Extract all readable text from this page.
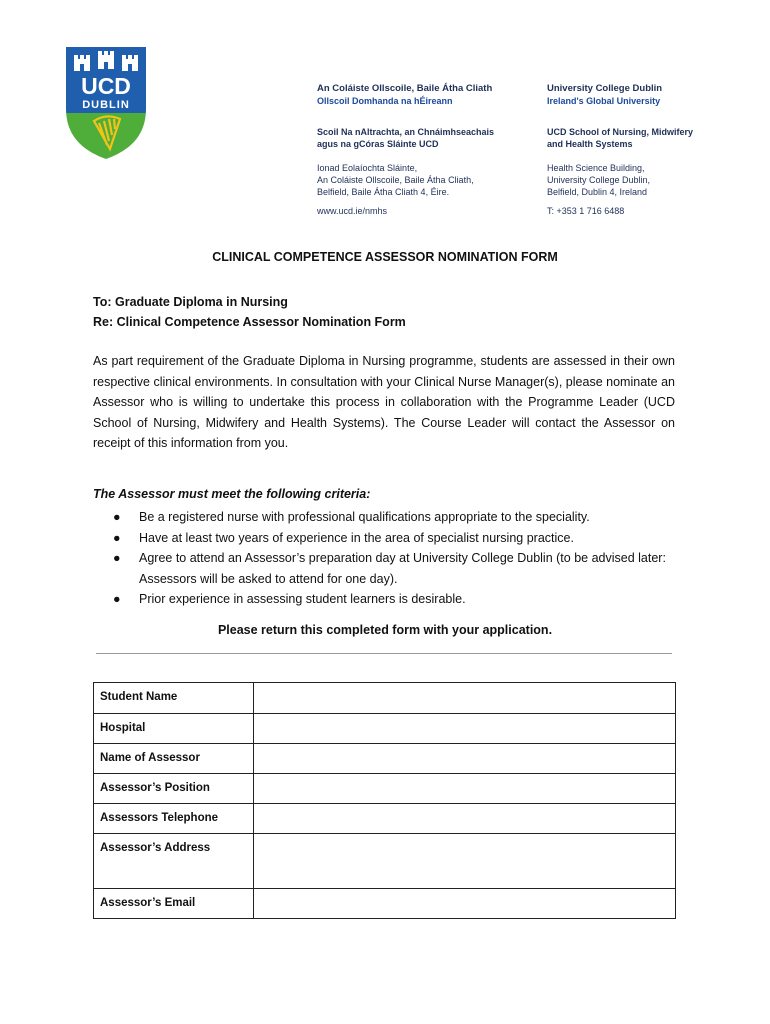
UCD
DUBLIN
An Coláiste Ollscoile, Baile Átha Cliath
Ollscoil Domhanda na hÉireann
Scoil Na nAltrachta, an Chnáimhseachais
agus na gCóras Sláinte UCD
Ionad Eolaíochta Sláinte,
An Coláiste Ollscoile, Baile Átha Cliath,
Belfield, Baile Átha Cliath 4, Éire.
www.ucd.ie/nmhs
University College Dublin
Ireland's Global University
UCD School of Nursing, Midwifery
and Health Systems
Health Science Building,
University College Dublin,
Belfield, Dublin 4, Ireland
T: +353 1 716 6488
CLINICAL COMPETENCE ASSESSOR NOMINATION FORM
To: Graduate Diploma in Nursing
Re: Clinical Competence Assessor Nomination Form
As part requirement of the Graduate Diploma in Nursing programme, students are assessed in their own respective clinical environments. In consultation with your Clinical Nurse Manager(s), please nominate an Assessor who is willing to undertake this process in collaboration with the Programme Leader (UCD School of Nursing, Midwifery and Health Systems). The Course Leader will contact the Assessor on receipt of this information from you.
The Assessor must meet the following criteria:
● Be a registered nurse with professional qualifications appropriate to the speciality.
● Have at least two years of experience in the area of specialist nursing practice.
● Agree to attend an Assessor’s preparation day at University College Dublin (to be advised later: Assessors will be asked to attend for one day).
● Prior experience in assessing student learners is desirable.
Please return this completed form with your application.
Student Name	
Hospital	
Name of Assessor	
Assessor’s Position	
Assessors Telephone	
Assessor’s Address	
Assessor’s Email	
